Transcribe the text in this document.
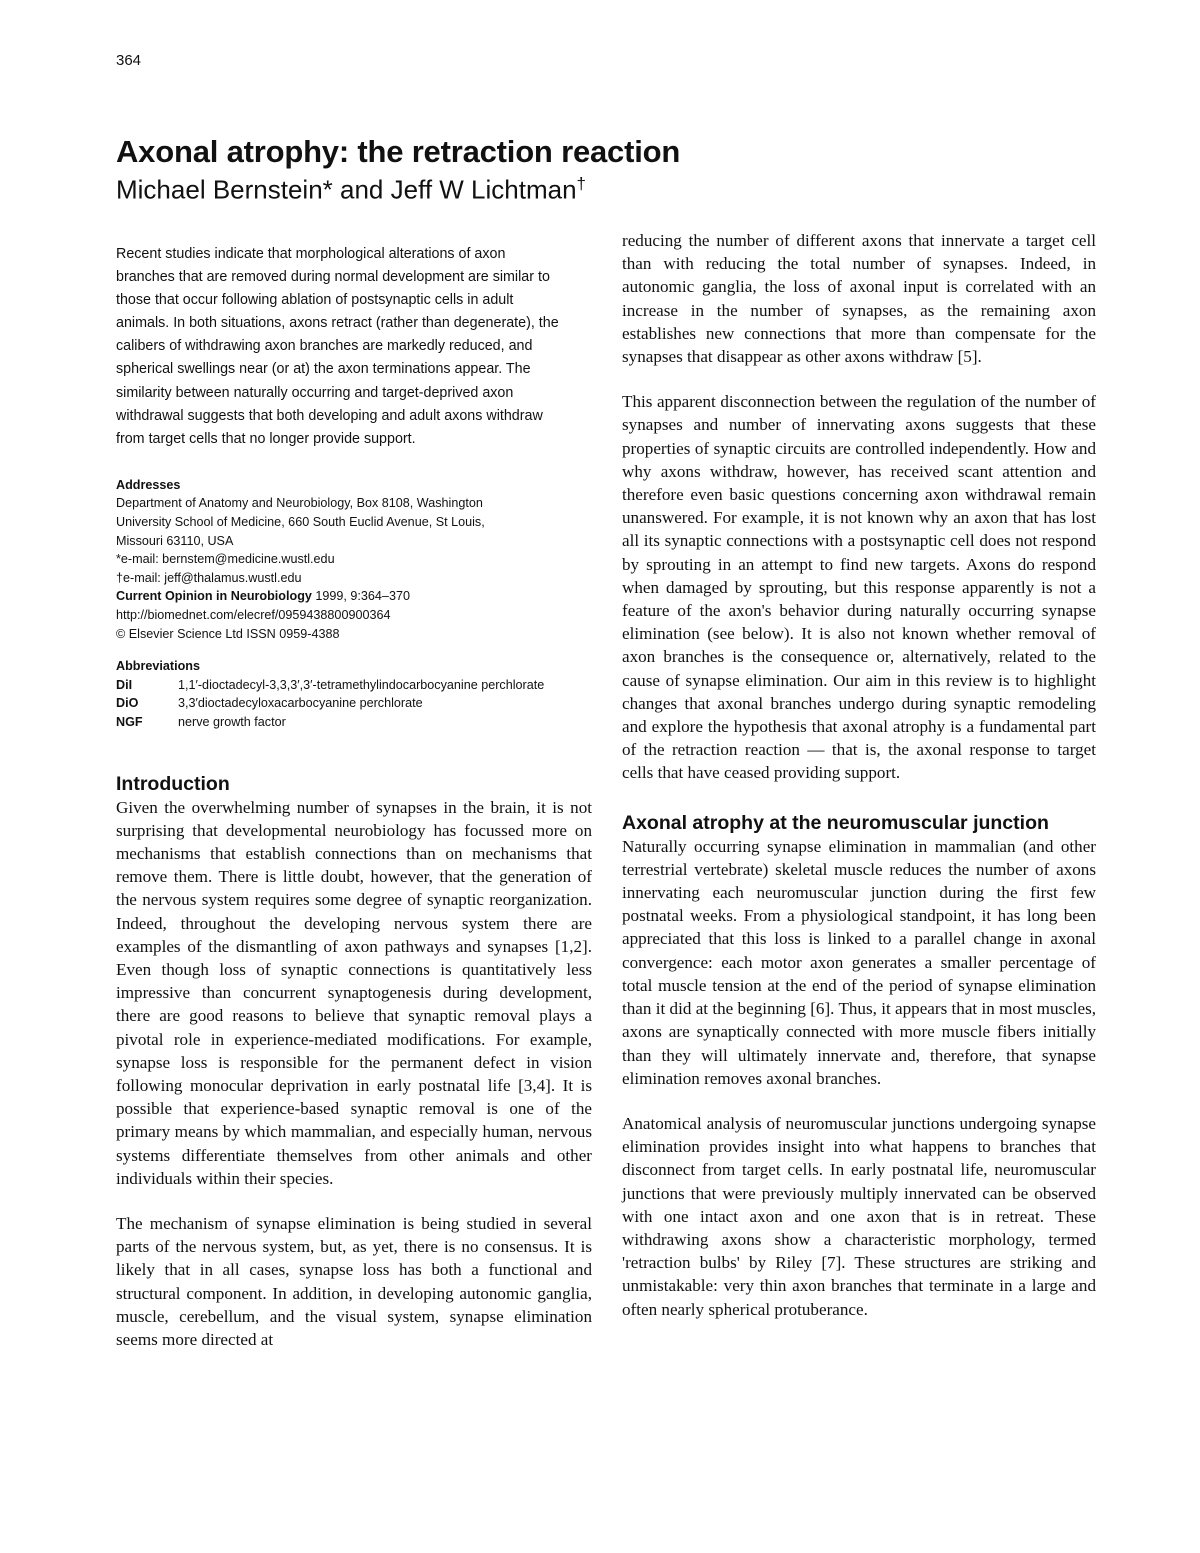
364
Axonal atrophy: the retraction reaction

Michael Bernstein* and Jeff W Lichtman†

Recent studies indicate that morphological alterations of axon branches that are removed during normal development are similar to those that occur following ablation of postsynaptic cells in adult animals. In both situations, axons retract (rather than degenerate), the calibers of withdrawing axon branches are markedly reduced, and spherical swellings near (or at) the axon terminations appear. The similarity between naturally occurring and target-deprived axon withdrawal suggests that both developing and adult axons withdraw from target cells that no longer provide support.

Addresses

Department of Anatomy and Neurobiology, Box 8108, Washington

University School of Medicine, 660 South Euclid Avenue, St Louis,

Missouri 63110, USA

*e-mail: bernstem@medicine.wustl.edu

†e-mail: jeff@thalamus.wustl.edu

Current Opinion in Neurobiology 1999, 9:364–370

http://biomednet.com/elecref/0959438800900364

© Elsevier Science Ltd ISSN 0959-4388

Abbreviations
DiI	1,1′-dioctadecyl-3,3,3′,3′-tetramethylindocarbocyanine perchlorate
DiO	3,3′dioctadecyloxacarbocyanine perchlorate
NGF	nerve growth factor
Introduction

Given the overwhelming number of synapses in the brain, it is not surprising that developmental neurobiology has focussed more on mechanisms that establish connections than on mechanisms that remove them. There is little doubt, however, that the generation of the nervous system requires some degree of synaptic reorganization. Indeed, throughout the developing nervous system there are examples of the dismantling of axon pathways and synapses [1,2]. Even though loss of synaptic connections is quantitatively less impressive than concurrent synaptogenesis during development, there are good reasons to believe that synaptic removal plays a pivotal role in experience-mediated modifications. For example, synapse loss is responsible for the permanent defect in vision following monocular deprivation in early postnatal life [3,4]. It is possible that experience-based synaptic removal is one of the primary means by which mammalian, and especially human, nervous systems differentiate themselves from other animals and other individuals within their species.

The mechanism of synapse elimination is being studied in several parts of the nervous system, but, as yet, there is no consensus. It is likely that in all cases, synapse loss has both a functional and structural component. In addition, in developing autonomic ganglia, muscle, cerebellum, and the visual system, synapse elimination seems more directed at

reducing the number of different axons that innervate a target cell than with reducing the total number of synapses. Indeed, in autonomic ganglia, the loss of axonal input is correlated with an increase in the number of synapses, as the remaining axon establishes new connections that more than compensate for the synapses that disappear as other axons withdraw [5].

This apparent disconnection between the regulation of the number of synapses and number of innervating axons suggests that these properties of synaptic circuits are controlled independently. How and why axons withdraw, however, has received scant attention and therefore even basic questions concerning axon withdrawal remain unanswered. For example, it is not known why an axon that has lost all its synaptic connections with a postsynaptic cell does not respond by sprouting in an attempt to find new targets. Axons do respond when damaged by sprouting, but this response apparently is not a feature of the axon's behavior during naturally occurring synapse elimination (see below). It is also not known whether removal of axon branches is the consequence or, alternatively, related to the cause of synapse elimination. Our aim in this review is to highlight changes that axonal branches undergo during synaptic remodeling and explore the hypothesis that axonal atrophy is a fundamental part of the retraction reaction — that is, the axonal response to target cells that have ceased providing support.

Axonal atrophy at the neuromuscular junction

Naturally occurring synapse elimination in mammalian (and other terrestrial vertebrate) skeletal muscle reduces the number of axons innervating each neuromuscular junction during the first few postnatal weeks. From a physiological standpoint, it has long been appreciated that this loss is linked to a parallel change in axonal convergence: each motor axon generates a smaller percentage of total muscle tension at the end of the period of synapse elimination than it did at the beginning [6]. Thus, it appears that in most muscles, axons are synaptically connected with more muscle fibers initially than they will ultimately innervate and, therefore, that synapse elimination removes axonal branches.

Anatomical analysis of neuromuscular junctions undergoing synapse elimination provides insight into what happens to branches that disconnect from target cells. In early postnatal life, neuromuscular junctions that were previously multiply innervated can be observed with one intact axon and one axon that is in retreat. These withdrawing axons show a characteristic morphology, termed 'retraction bulbs' by Riley [7]. These structures are striking and unmistakable: very thin axon branches that terminate in a large and often nearly spherical protuberance.
